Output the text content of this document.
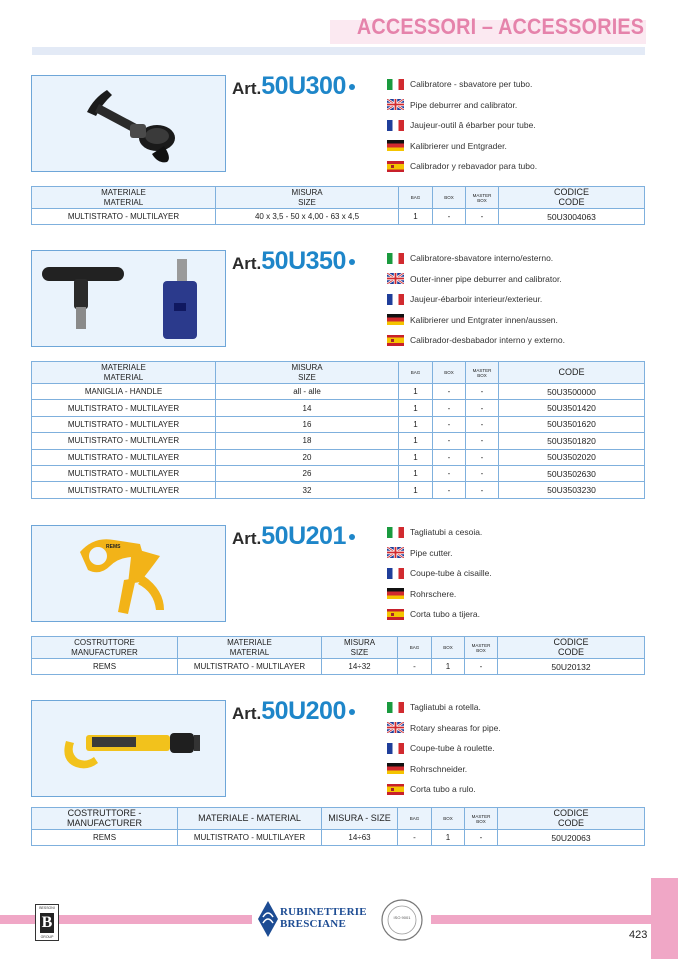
ACCESSORI – ACCESSORIES
Art.50U300	Calibratore - sbavatore per tubo.
Pipe deburrer and calibrator.
Jaujeur-outil â ébarber pour tube.
Kalibrierer und Entgrader.
Calibrador y rebavador para tubo.
MATERIALE
MATERIAL	MISURA
SIZE	BAG	BOX	MASTER
BOX	CODICE
CODE
MULTISTRATO - MULTILAYER	40 x 3,5 - 50 x 4,00 - 63 x 4,5	1	-	-	50U3004063
Art.50U350	Calibratore-sbavatore interno/esterno.
Outer-inner pipe deburrer and calibrator.
Jaujeur-ébarboir interieur/exterieur.
Kalibrierer und Entgrater innen/aussen.
Calibrador-desbabador interno y externo.
MATERIALE
MATERIAL	MISURA
SIZE	BAG	BOX	MASTER
BOX	CODE
MANIGLIA - HANDLE	all - alle	1	-	-	50U3500000
MULTISTRATO - MULTILAYER	14	1	-	-	50U3501420
MULTISTRATO - MULTILAYER	16	1	-	-	50U3501620
MULTISTRATO - MULTILAYER	18	1	-	-	50U3501820
MULTISTRATO - MULTILAYER	20	1	-	-	50U3502020
MULTISTRATO - MULTILAYER	26	1	-	-	50U3502630
MULTISTRATO - MULTILAYER	32	1	-	-	50U3503230
REMS	Art.50U201	Tagliatubi a cesoia.
Pipe cutter.
Coupe-tube à cisaille.
Rohrschere.
Corta tubo a tijera.
COSTRUTTORE
MANUFACTURER	MATERIALE
MATERIAL	MISURA
SIZE	BAG	BOX	MASTER
BOX	CODICE
CODE
REMS	MULTISTRATO - MULTILAYER	14÷32	-	1	-	50U20132
Art.50U200	Tagliatubi a rotella.
Rotary shearas for pipe.
Coupe-tube à roulette.
Rohrschneider.
Corta tubo a rulo.
COSTRUTTORE - MANUFACTURER	MATERIALE - MATERIAL	MISURA - SIZE	BAG	BOX	MASTER
BOX	CODICE
CODE
REMS	MULTISTRATO - MULTILAYER	14÷63	-	1	-	50U20063
BESSONI
B
GROUP
RUBINETTERIE
BRESCIANE
ISO 9001
423
